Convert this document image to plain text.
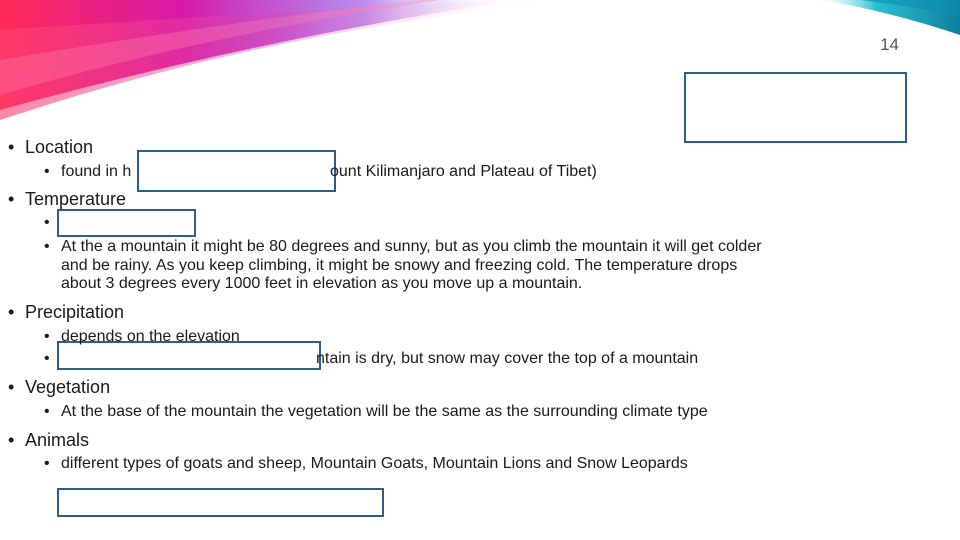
14
• Location
• found in h	ount Kilimanjaro and Plateau of Tibet)
• Temperature
•
• At the a mountain it might be 80 degrees and sunny, but as you climb the mountain it will get colder
and be rainy. As you keep climbing, it might be snowy and freezing cold. The temperature drops
about 3 degrees every 1000 feet in elevation as you move up a mountain.
• Precipitation
• depends on the elevation
•	ntain is dry, but snow may cover the top of a mountain
• Vegetation
• At the base of the mountain the vegetation will be the same as the surrounding climate type
• Animals
• different types of goats and sheep, Mountain Goats, Mountain Lions and Snow Leopards
